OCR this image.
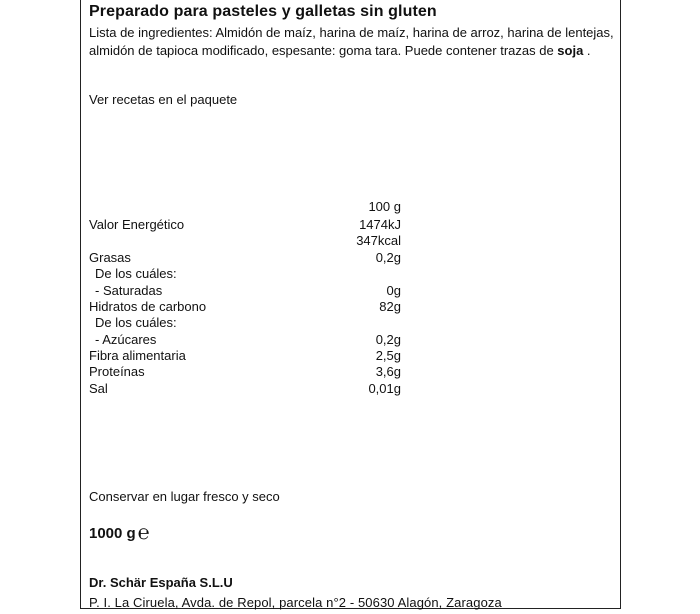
Preparado para pasteles y galletas sin gluten
Lista de ingredientes: Almidón de maíz, harina de maíz, harina de arroz, harina de lentejas, almidón de tapioca modificado, espesante: goma tara. Puede contener trazas de soja .
Ver recetas en el paquete
100 g
Valor Energético	1474kJ
347kcal
Grasas	0,2g
De los cuáles:
- Saturadas	0g
Hidratos de carbono	82g
De los cuáles:
- Azúcares	0,2g
Fibra alimentaria	2,5g
Proteínas	3,6g
Sal	0,01g
Conservar en lugar fresco y seco
1000 g ℮
Dr. Schär España S.L.U
P. I. La Ciruela, Avda. de Repol, parcela n°2 - 50630 Alagón, Zaragoza
